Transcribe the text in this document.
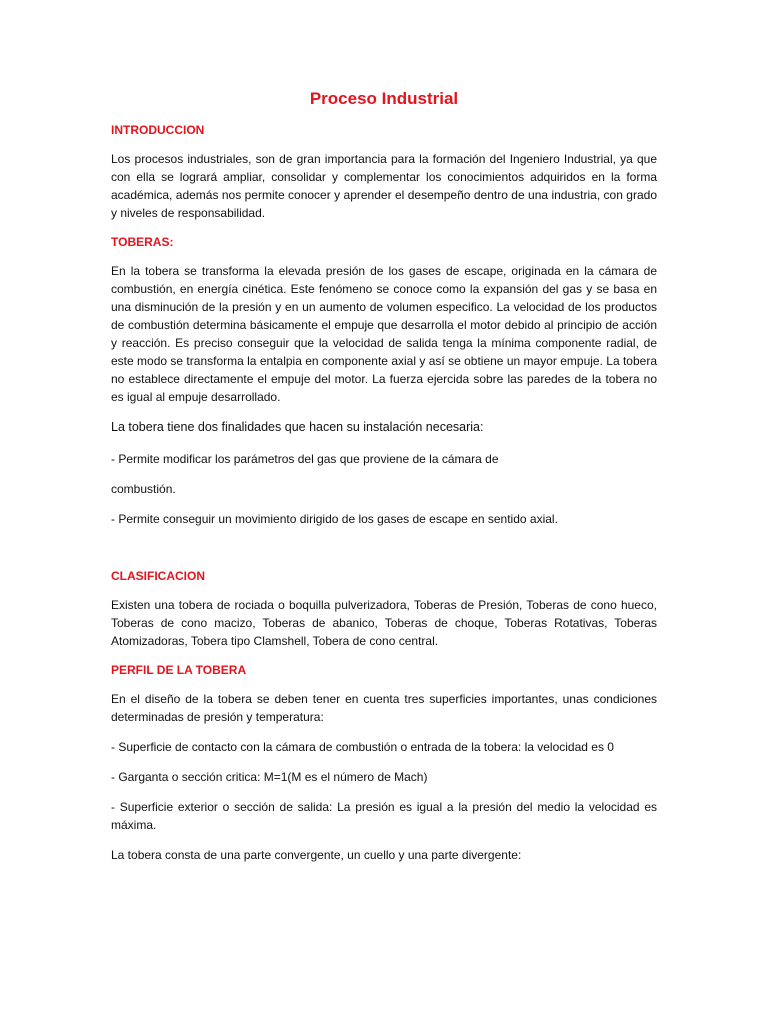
Proceso Industrial
INTRODUCCION

Los procesos industriales, son de gran importancia para la formación del Ingeniero Industrial, ya que con ella se logrará ampliar, consolidar y complementar los conocimientos adquiridos en la forma académica, además nos permite conocer y aprender el desempeño dentro de una industria, con grado y niveles de responsabilidad.

TOBERAS:

En la tobera se transforma la elevada presión de los gases de escape, originada en la cámara de combustión, en energía cinética. Este fenómeno se conoce como la expansión del gas y se basa en una disminución de la presión y en un aumento de volumen especifico. La velocidad de los productos de combustión determina básicamente el empuje que desarrolla el motor debido al principio de acción y reacción. Es preciso conseguir que la velocidad de salida tenga la mínima componente radial, de este modo se transforma la entalpia en componente axial y así se obtiene un mayor empuje. La tobera no establece directamente el empuje del motor. La fuerza ejercida sobre las paredes de la tobera no es igual al empuje desarrollado.

La tobera tiene dos finalidades que hacen su instalación necesaria:

- Permite modificar los parámetros del gas que proviene de la cámara de

combustión.

- Permite conseguir un movimiento dirigido de los gases de escape en sentido axial.

CLASIFICACION

Existen una tobera de rociada o boquilla pulverizadora, Toberas de Presión, Toberas de cono hueco, Toberas de cono macizo, Toberas de abanico, Toberas de choque, Toberas Rotativas, Toberas Atomizadoras, Tobera tipo Clamshell, Tobera de cono central.

PERFIL DE LA TOBERA

En el diseño de la tobera se deben tener en cuenta tres superficies importantes, unas condiciones determinadas de presión y temperatura:

- Superficie de contacto con la cámara de combustión o entrada de la tobera: la velocidad es 0

- Garganta o sección critica: M=1(M es el número de Mach)

- Superficie exterior o sección de salida: La presión es igual a la presión del medio la velocidad es máxima.

La tobera consta de una parte convergente, un cuello y una parte divergente:
